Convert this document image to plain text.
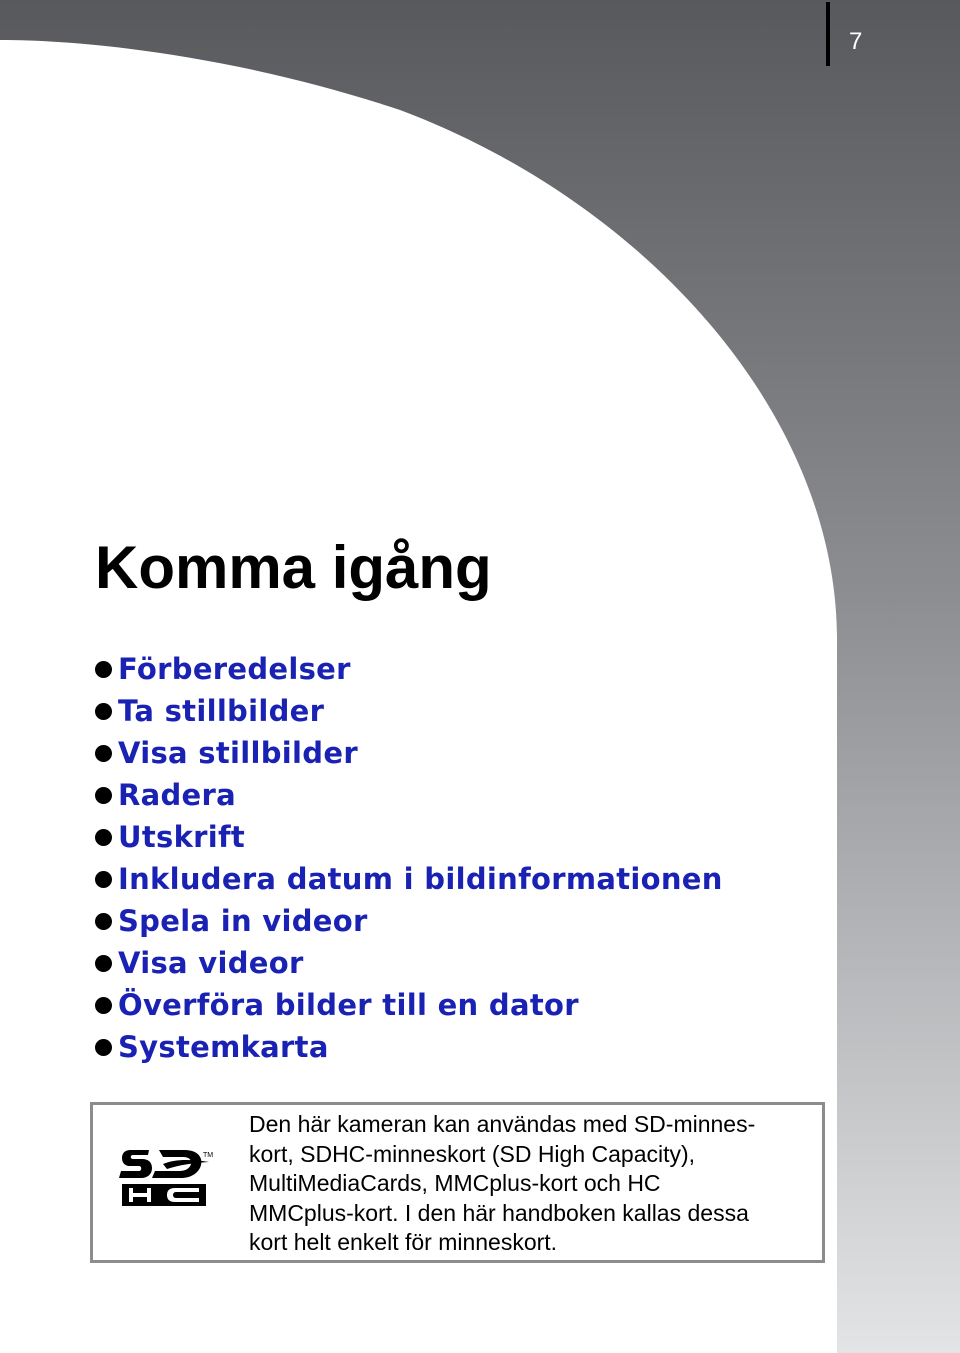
7
Komma igång
Förberedelser
Ta stillbilder
Visa stillbilder
Radera
Utskrift
Inkludera datum i bildinformationen
Spela in videor
Visa videor
Överföra bilder till en dator
Systemkarta
TM

Den här kameran kan användas med SD-minnes-
kort, SDHC-minneskort (SD High Capacity),
MultiMediaCards, MMCplus-kort och HC
MMCplus-kort. I den här handboken kallas dessa
kort helt enkelt för minneskort.
